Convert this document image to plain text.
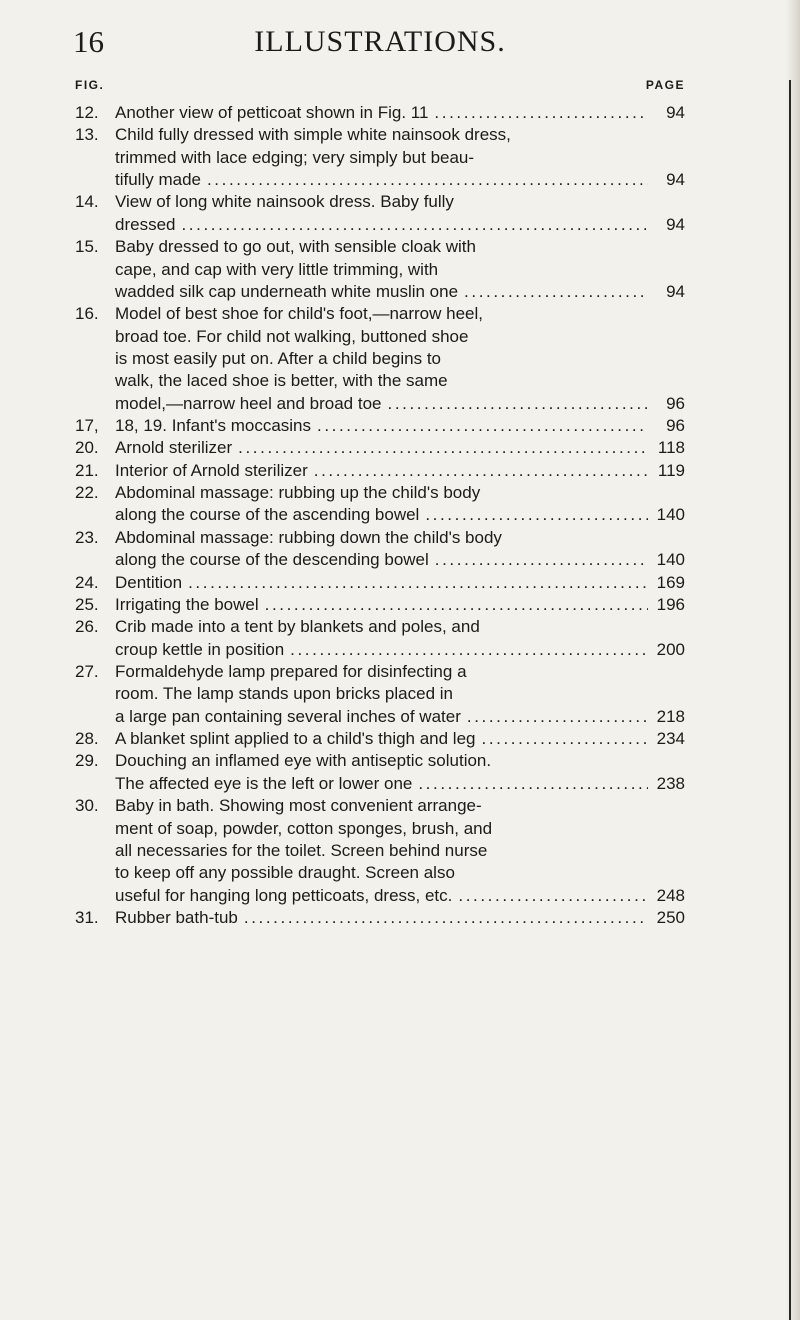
16	ILLUSTRATIONS.
FIG.	PAGE
12. Another view of petticoat shown in Fig. 11 .....	94
13. Child fully dressed with simple white nainsook dress,
trimmed with lace edging; very simply but beau-
tifully made .....	94
14. View of long white nainsook dress. Baby fully
dressed .....	94
15. Baby dressed to go out, with sensible cloak with
cape, and cap with very little trimming, with
wadded silk cap underneath white muslin one .....	94
16. Model of best shoe for child's foot,—narrow heel,
broad toe. For child not walking, buttoned shoe
is most easily put on. After a child begins to
walk, the laced shoe is better, with the same
model,—narrow heel and broad toe .....	96
17, 18, 19. Infant's moccasins .....	96
20. Arnold sterilizer .....	118
21. Interior of Arnold sterilizer .....	119
22. Abdominal massage: rubbing up the child's body
along the course of the ascending bowel .....	140
23. Abdominal massage: rubbing down the child's body
along the course of the descending bowel .....	140
24. Dentition .....	169
25. Irrigating the bowel .....	196
26. Crib made into a tent by blankets and poles, and
croup kettle in position .....	200
27. Formaldehyde lamp prepared for disinfecting a
room. The lamp stands upon bricks placed in
a large pan containing several inches of water .....	218
28. A blanket splint applied to a child's thigh and leg .....	234
29. Douching an inflamed eye with antiseptic solution.
The affected eye is the left or lower one .....	238
30. Baby in bath. Showing most convenient arrange-
ment of soap, powder, cotton sponges, brush, and
all necessaries for the toilet. Screen behind nurse
to keep off any possible draught. Screen also
useful for hanging long petticoats, dress, etc. .....	248
31. Rubber bath-tub .....	250
